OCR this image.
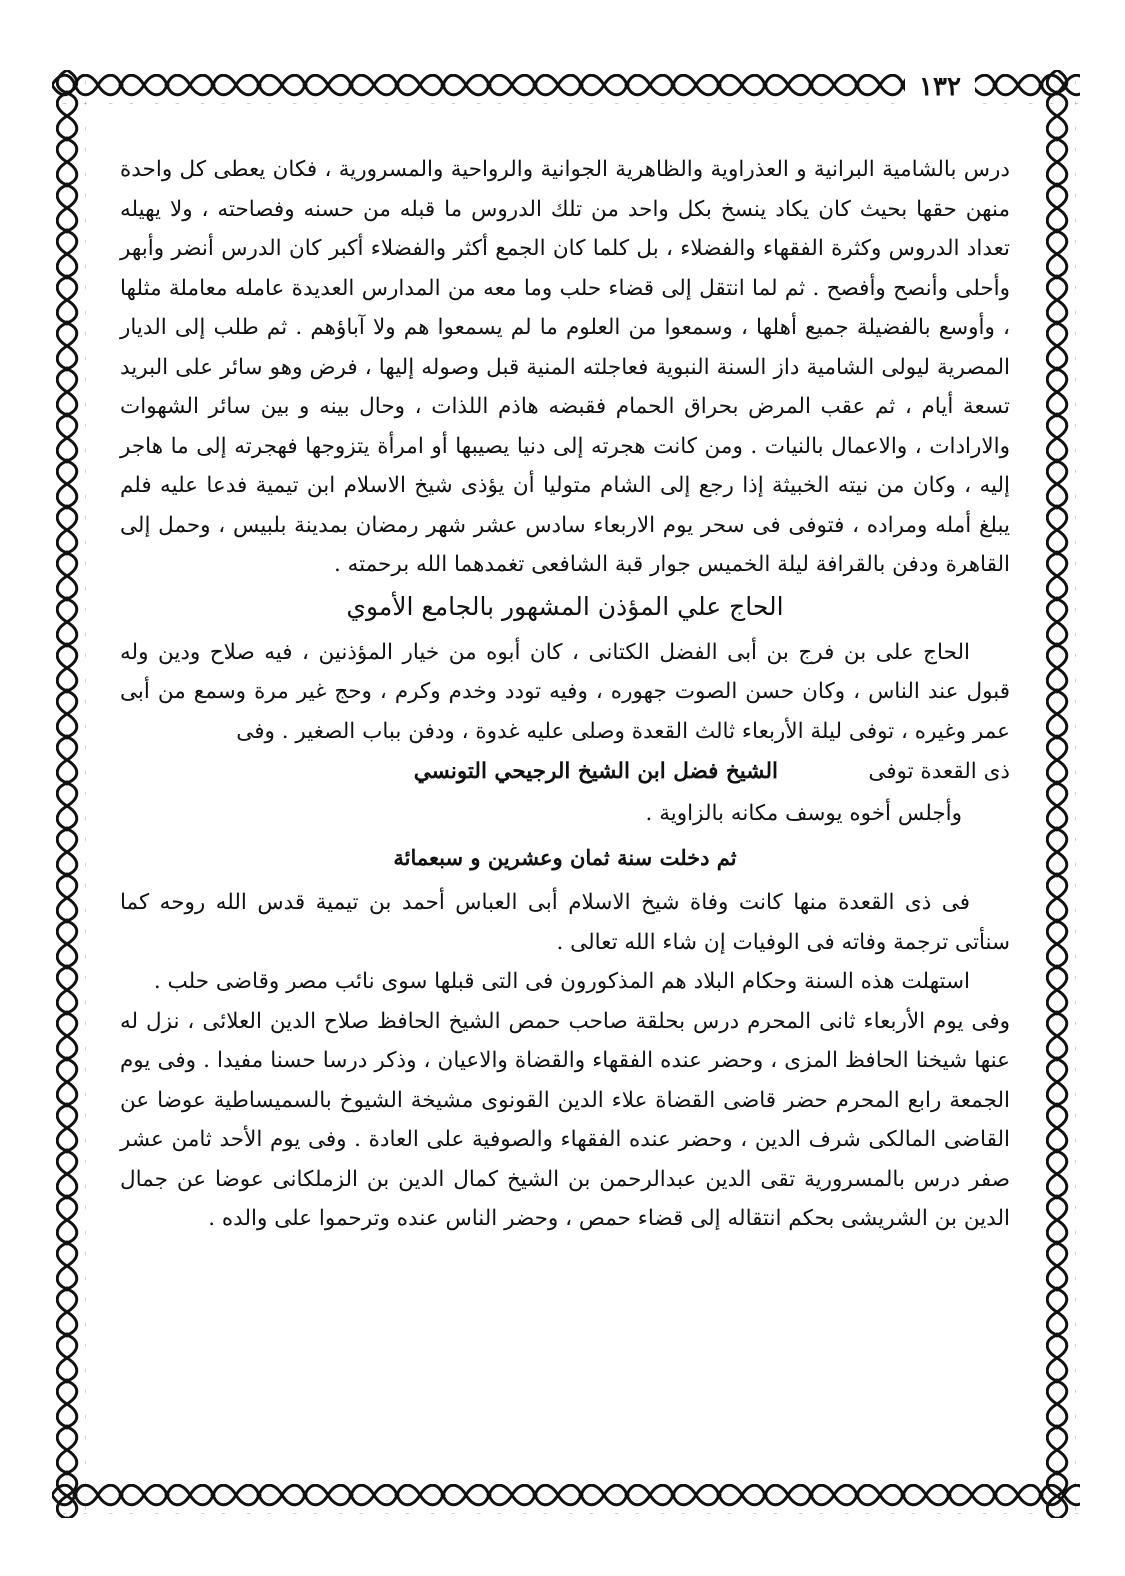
١٣٢

درس بالشامية البرانية و العذراوية والظاهرية الجوانية والرواحية والمسرورية ، فكان يعطى كل واحدة منهن حقها بحيث كان يكاد ينسخ بكل واحد من تلك الدروس ما قبله من حسنه وفصاحته ، ولا يهيله تعداد الدروس وكثرة الفقهاء والفضلاء ، بل كلما كان الجمع أكثر والفضلاء أكبر كان الدرس أنضر وأبهر وأحلى وأنصح وأفصح . ثم لما انتقل إلى قضاء حلب وما معه من المدارس العديدة عامله معاملة مثلها ، وأوسع بالفضيلة جميع أهلها ، وسمعوا من العلوم ما لم يسمعوا هم ولا آباؤهم . ثم طلب إلى الديار المصرية ليولى الشامية داز السنة النبوية فعاجلته المنية قبل وصوله إليها ، فرض وهو سائر على البريد تسعة أيام ، ثم عقب المرض بحراق الحمام فقبضه هاذم اللذات ، وحال بينه و بين سائر الشهوات والارادات ، والاعمال بالنيات . ومن كانت هجرته إلى دنيا يصيبها أو امرأة يتزوجها فهجرته إلى ما هاجر إليه ، وكان من نيته الخبيثة إذا رجع إلى الشام متوليا أن يؤذى شيخ الاسلام ابن تيمية فدعا عليه فلم يبلغ أمله ومراده ، فتوفى فى سحر يوم الاربعاء سادس عشر شهر رمضان بمدينة بلبيس ، وحمل إلى القاهرة ودفن بالقرافة ليلة الخميس جوار قبة الشافعى تغمدهما الله برحمته .

الحاج علي المؤذن المشهور بالجامع الأموي

الحاج على بن فرج بن أبى الفضل الكتانى ، كان أبوه من خيار المؤذنين ، فيه صلاح ودين وله قبول عند الناس ، وكان حسن الصوت جهوره ، وفيه تودد وخدم وكرم ، وحج غير مرة وسمع من أبى عمر وغيره ، توفى ليلة الأربعاء ثالث القعدة وصلى عليه غدوة ، ودفن بباب الصغير . وفى

ذى القعدة توفى
الشيخ فضل ابن الشيخ الرجيحي التونسي
وأجلس أخوه يوسف مكانه بالزاوية .
ثم دخلت سنة ثمان وعشرين و سبعمائة

فى ذى القعدة منها كانت وفاة شيخ الاسلام أبى العباس أحمد بن تيمية قدس الله روحه كما سنأتى ترجمة وفاته فى الوفيات إن شاء الله تعالى .

استهلت هذه السنة وحكام البلاد هم المذكورون فى التى قبلها سوى نائب مصر وقاضى حلب .

وفى يوم الأربعاء ثانى المحرم درس بحلقة صاحب حمص الشيخ الحافظ صلاح الدين العلائى ، نزل له عنها شيخنا الحافظ المزى ، وحضر عنده الفقهاء والقضاة والاعيان ، وذكر درسا حسنا مفيدا . وفى يوم الجمعة رابع المحرم حضر قاضى القضاة علاء الدين القونوى مشيخة الشيوخ بالسميساطية عوضا عن القاضى المالكى شرف الدين ، وحضر عنده الفقهاء والصوفية على العادة . وفى يوم الأحد ثامن عشر صفر درس بالمسرورية تقى الدين عبدالرحمن بن الشيخ كمال الدين بن الزملكانى عوضا عن جمال الدين بن الشريشى بحكم انتقاله إلى قضاء حمص ، وحضر الناس عنده وترحموا على والده .
